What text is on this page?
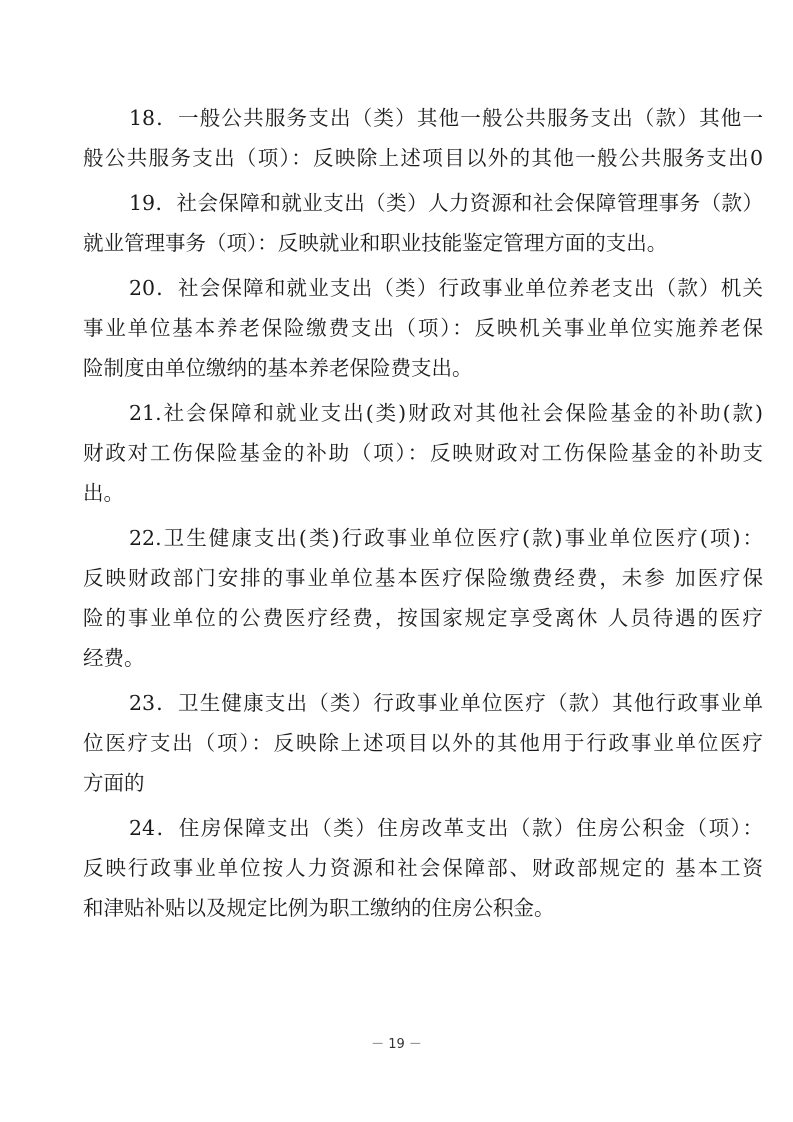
18．一般公共服务支出（类）其他一般公共服务支出（款）其他一
般公共服务支出（项）：反映除上述项目以外的其他一般公共服务支出0
19．社会保障和就业支出（类）人力资源和社会保障管理事务（款）
就业管理事务（项）：反映就业和职业技能鉴定管理方面的支出。
20．社会保障和就业支出（类）行政事业单位养老支出（款）机关
事业单位基本养老保险缴费支出（项）：反映机关事业单位实施养老保
险制度由单位缴纳的基本养老保险费支出。
21.社会保障和就业支出(类)财政对其他社会保险基金的补助(款)
财政对工伤保险基金的补助（项）：反映财政对工伤保险基金的补助支
出。
22.卫生健康支出(类)行政事业单位医疗(款)事业单位医疗(项)：
反映财政部门安排的事业单位基本医疗保险缴费经费，未参 加医疗保
险的事业单位的公费医疗经费，按国家规定享受离休 人员待遇的医疗
经费。
23．卫生健康支出（类）行政事业单位医疗（款）其他行政事业单
位医疗支出（项）：反映除上述项目以外的其他用于行政事业单位医疗
方面的
24．住房保障支出（类）住房改革支出（款）住房公积金（项）：
反映行政事业单位按人力资源和社会保障部、财政部规定的 基本工资
和津贴补贴以及规定比例为职工缴纳的住房公积金。
－ 19 －
